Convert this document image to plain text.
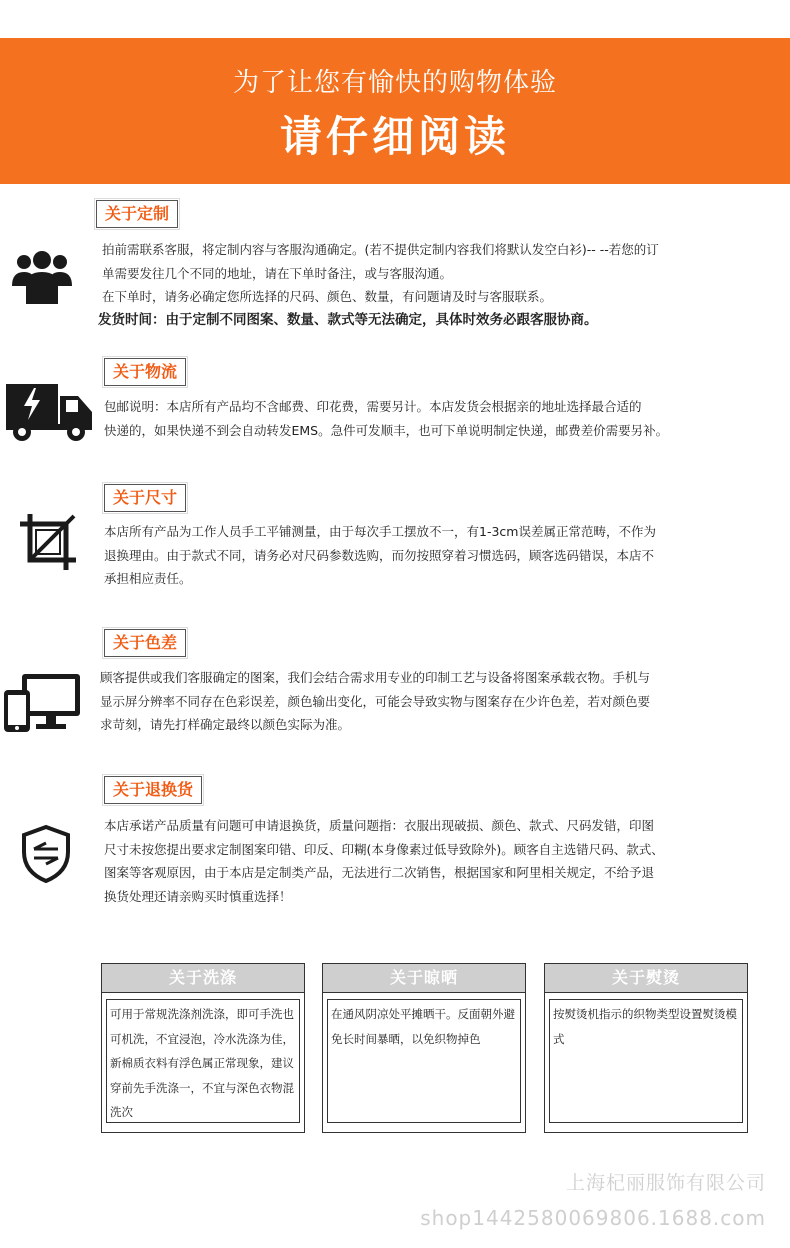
为了让您有愉快的购物体验
请仔细阅读
关于定制

拍前需联系客服，将定制内容与客服沟通确定。(若不提供定制内容我们将默认发空白衫)-- --若您的订

单需要发往几个不同的地址，请在下单时备注，或与客服沟通。

在下单时，请务必确定您所选择的尺码、颜色、数量，有问题请及时与客服联系。

发货时间：由于定制不同图案、数量、款式等无法确定，具体时效务必跟客服协商。

关于物流

包邮说明：本店所有产品均不含邮费、印花费，需要另计。本店发货会根据亲的地址选择最合适的

快递的，如果快递不到会自动转发EMS。急件可发顺丰，也可下单说明制定快递，邮费差价需要另补。

关于尺寸

本店所有产品为工作人员手工平铺测量，由于每次手工摆放不一，有1-3cm误差属正常范畴，不作为

退换理由。由于款式不同，请务必对尺码参数选购，而勿按照穿着习惯选码，顾客选码错误，本店不

承担相应责任。

关于色差

顾客提供或我们客服确定的图案，我们会结合需求用专业的印制工艺与设备将图案承载衣物。手机与

显示屏分辨率不同存在色彩误差，颜色输出变化，可能会导致实物与图案存在少许色差，若对颜色要

求苛刻，请先打样确定最终以颜色实际为准。

关于退换货

本店承诺产品质量有问题可申请退换货，质量问题指：衣服出现破损、颜色、款式、尺码发错，印图

尺寸未按您提出要求定制图案印错、印反、印糊(本身像素过低导致除外)。顾客自主选错尺码、款式、

图案等客观原因，由于本店是定制类产品，无法进行二次销售，根据国家和阿里相关规定，不给予退

换货处理还请亲购买时慎重选择！

关于洗涤
可用于常规洗涤剂洗涤，即可手洗也可机洗，不宜浸泡，冷水洗涤为佳，新棉质衣料有浮色属正常现象，建议穿前先手洗涤一，不宜与深色衣物混洗次
关于晾晒
在通风阴凉处平摊晒干。反面朝外避免长时间暴晒，以免织物掉色
关于熨烫
按熨烫机指示的织物类型设置熨烫模式
上海杞丽服饰有限公司
shop1442580069806.1688.com
